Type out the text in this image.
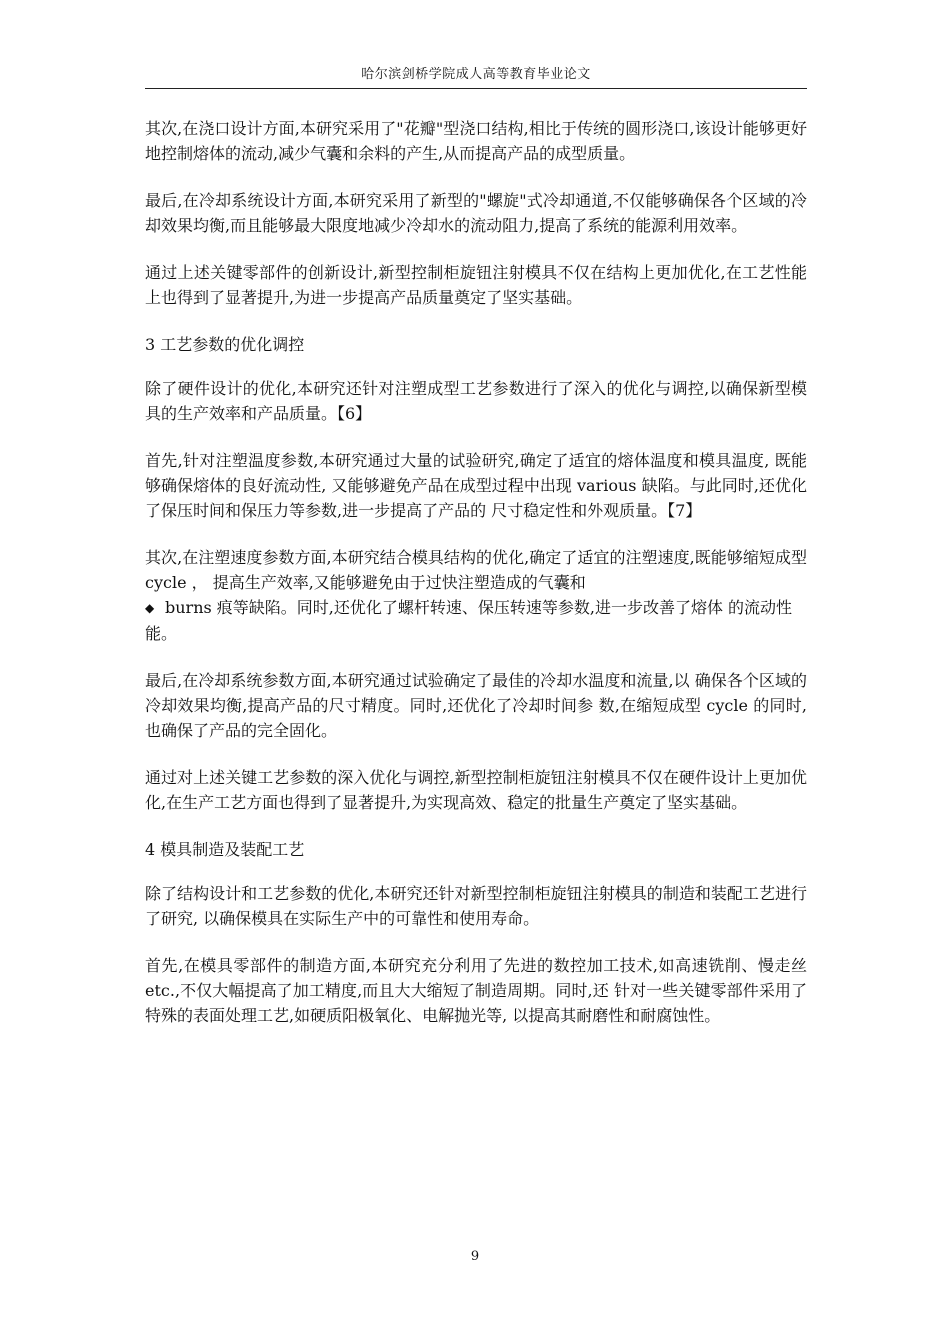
哈尔滨剑桥学院成人高等教育毕业论文

其次,在浇口设计方面,本研究采用了"花瓣"型浇口结构,相比于传统的圆形浇口,该设计能够更好地控制熔体的流动,减少气囊和余料的产生,从而提高产品的成型质量。

最后,在冷却系统设计方面,本研究采用了新型的"螺旋"式冷却通道,不仅能够确保各个区域的冷却效果均衡,而且能够最大限度地减少冷却水的流动阻力,提高了系统的能源利用效率。

通过上述关键零部件的创新设计,新型控制柜旋钮注射模具不仅在结构上更加优化,在工艺性能上也得到了显著提升,为进一步提高产品质量奠定了坚实基础。

3 工艺参数的优化调控

除了硬件设计的优化,本研究还针对注塑成型工艺参数进行了深入的优化与调控,以确保新型模具的生产效率和产品质量。【6】

首先,针对注塑温度参数,本研究通过大量的试验研究,确定了适宜的熔体温度和模具温度, 既能够确保熔体的良好流动性, 又能够避免产品在成型过程中出现 various 缺陷。与此同时,还优化了保压时间和保压力等参数,进一步提高了产品的 尺寸稳定性和外观质量。【7】

其次,在注塑速度参数方面,本研究结合模具结构的优化,确定了适宜的注塑速度,既能够缩短成型 cycle ， 提高生产效率,又能够避免由于过快注塑造成的气囊和

◆ burns 痕等缺陷。同时,还优化了螺杆转速、保压转速等参数,进一步改善了熔体 的流动性能。

最后,在冷却系统参数方面,本研究通过试验确定了最佳的冷却水温度和流量,以 确保各个区域的冷却效果均衡,提高产品的尺寸精度。同时,还优化了冷却时间参 数,在缩短成型 cycle 的同时,也确保了产品的完全固化。

通过对上述关键工艺参数的深入优化与调控,新型控制柜旋钮注射模具不仅在硬件设计上更加优化,在生产工艺方面也得到了显著提升,为实现高效、稳定的批量生产奠定了坚实基础。

4 模具制造及装配工艺

除了结构设计和工艺参数的优化,本研究还针对新型控制柜旋钮注射模具的制造和装配工艺进行了研究, 以确保模具在实际生产中的可靠性和使用寿命。

首先,在模具零部件的制造方面,本研究充分利用了先进的数控加工技术,如高速铣削、慢走丝 etc.,不仅大幅提高了加工精度,而且大大缩短了制造周期。同时,还 针对一些关键零部件采用了特殊的表面处理工艺,如硬质阳极氧化、电解抛光等, 以提高其耐磨性和耐腐蚀性。

9
